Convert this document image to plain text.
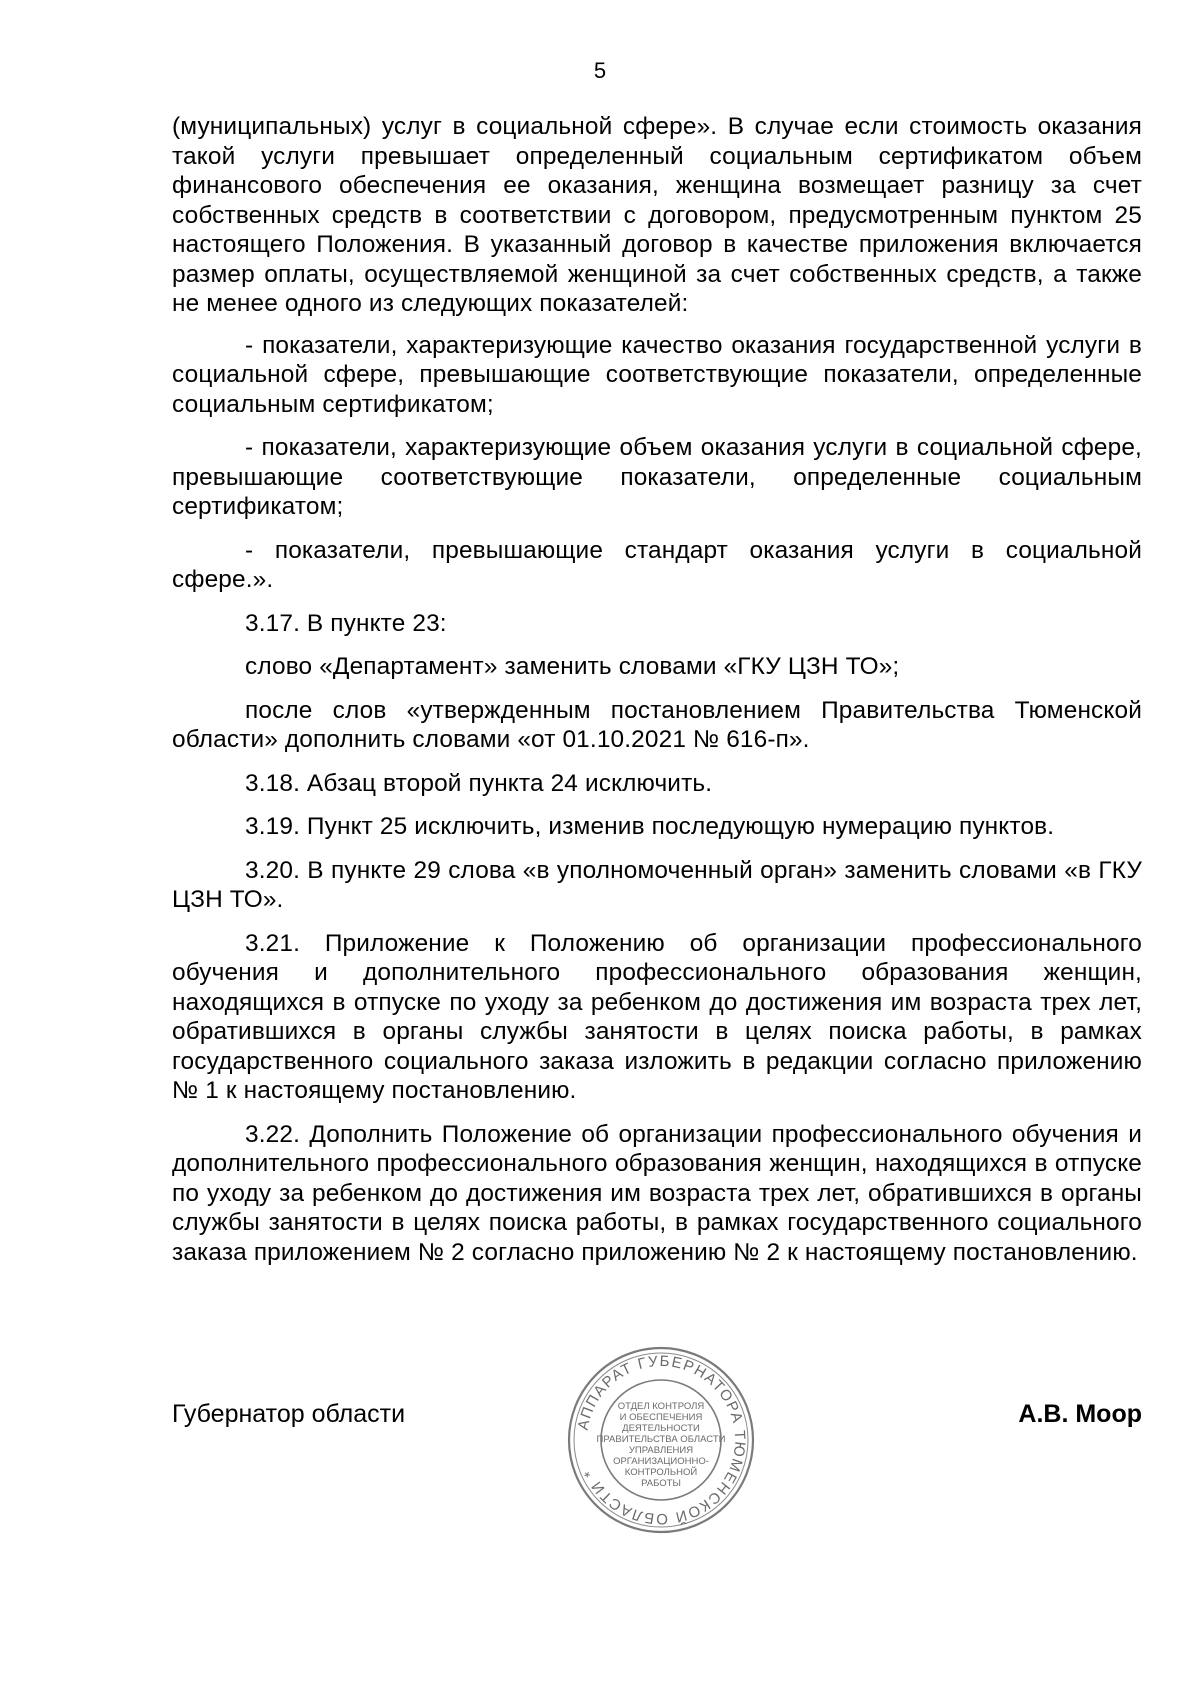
5

(муниципальных) услуг в социальной сфере». В случае если стоимость оказания такой услуги превышает определенный социальным сертификатом объем финансового обеспечения ее оказания, женщина возмещает разницу за счет собственных средств в соответствии с договором, предусмотренным пунктом 25 настоящего Положения. В указанный договор в качестве приложения включается размер оплаты, осуществляемой женщиной за счет собственных средств, а также не менее одного из следующих показателей:

- показатели, характеризующие качество оказания государственной услуги в социальной сфере, превышающие соответствующие показатели, определенные социальным сертификатом;

- показатели, характеризующие объем оказания услуги в социальной сфере, превышающие соответствующие показатели, определенные социальным сертификатом;

- показатели, превышающие стандарт оказания услуги в социальной сфере.».

3.17. В пункте 23:

слово «Департамент» заменить словами «ГКУ ЦЗН ТО»;

после слов «утвержденным постановлением Правительства Тюменской области» дополнить словами «от 01.10.2021 № 616-п».

3.18. Абзац второй пункта 24 исключить.

3.19. Пункт 25 исключить, изменив последующую нумерацию пунктов.

3.20. В пункте 29 слова «в уполномоченный орган» заменить словами «в ГКУ ЦЗН ТО».

3.21. Приложение к Положению об организации профессионального обучения и дополнительного профессионального образования женщин, находящихся в отпуске по уходу за ребенком до достижения им возраста трех лет, обратившихся в органы службы занятости в целях поиска работы, в рамках государственного социального заказа изложить в редакции согласно приложению № 1 к настоящему постановлению.

3.22. Дополнить Положение об организации профессионального обучения и дополнительного профессионального образования женщин, находящихся в отпуске по уходу за ребенком до достижения им возраста трех лет, обратившихся в органы службы занятости в целях поиска работы, в рамках государственного социального заказа приложением № 2 согласно приложению № 2 к настоящему постановлению.

Губернатор области	А.В. Моор
АППАРАТ ГУБЕРНАТОРА ТЮМЕНСКОЙ ОБЛАСТИ *
ОТДЕЛ КОНТРОЛЯ
И ОБЕСПЕЧЕНИЯ
ДЕЯТЕЛЬНОСТИ
ПРАВИТЕЛЬСТВА ОБЛАСТИ
УПРАВЛЕНИЯ
ОРГАНИЗАЦИОННО-
КОНТРОЛЬНОЙ
РАБОТЫ
